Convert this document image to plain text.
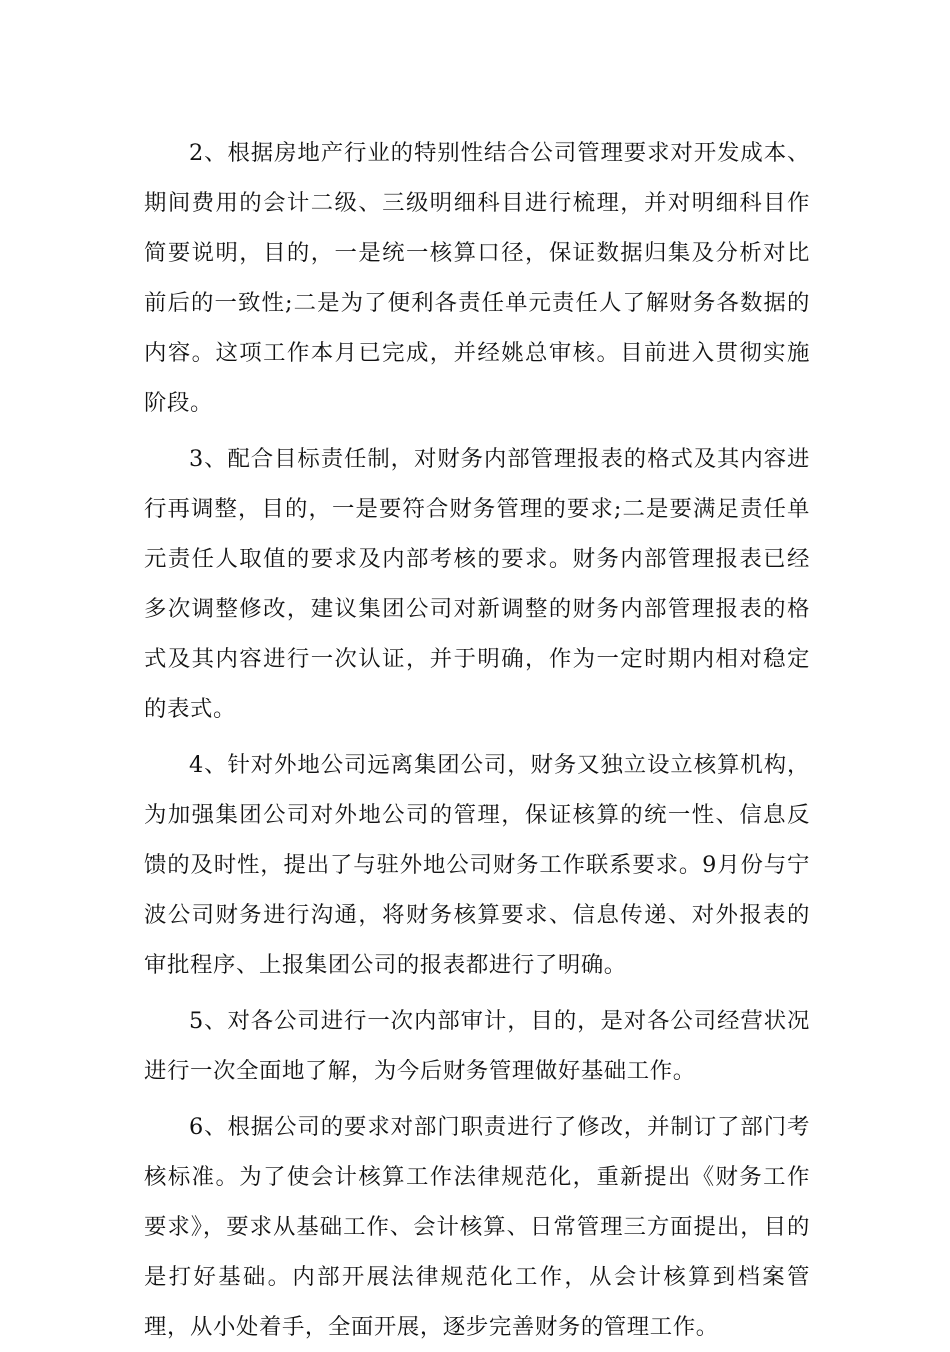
2、根据房地产行业的特别性结合公司管理要求对开发成本、期间费用的会计二级、三级明细科目进行梳理，并对明细科目作简要说明，目的，一是统一核算口径，保证数据归集及分析对比前后的一致性;二是为了便利各责任单元责任人了解财务各数据的内容。这项工作本月已完成，并经姚总审核。目前进入贯彻实施阶段。

3、配合目标责任制，对财务内部管理报表的格式及其内容进行再调整，目的，一是要符合财务管理的要求;二是要满足责任单元责任人取值的要求及内部考核的要求。财务内部管理报表已经多次调整修改，建议集团公司对新调整的财务内部管理报表的格式及其内容进行一次认证，并于明确，作为一定时期内相对稳定的表式。

4、针对外地公司远离集团公司，财务又独立设立核算机构，为加强集团公司对外地公司的管理，保证核算的统一性、信息反馈的及时性，提出了与驻外地公司财务工作联系要求。9月份与宁波公司财务进行沟通，将财务核算要求、信息传递、对外报表的审批程序、上报集团公司的报表都进行了明确。

5、对各公司进行一次内部审计，目的，是对各公司经营状况进行一次全面地了解，为今后财务管理做好基础工作。

6、根据公司的要求对部门职责进行了修改，并制订了部门考核标准。为了使会计核算工作法律规范化，重新提出《财务工作要求》，要求从基础工作、会计核算、日常管理三方面提出，目的是打好基础。内部开展法律规范化工作，从会计核算到档案管理，从小处着手，全面开展，逐步完善财务的管理工作。
